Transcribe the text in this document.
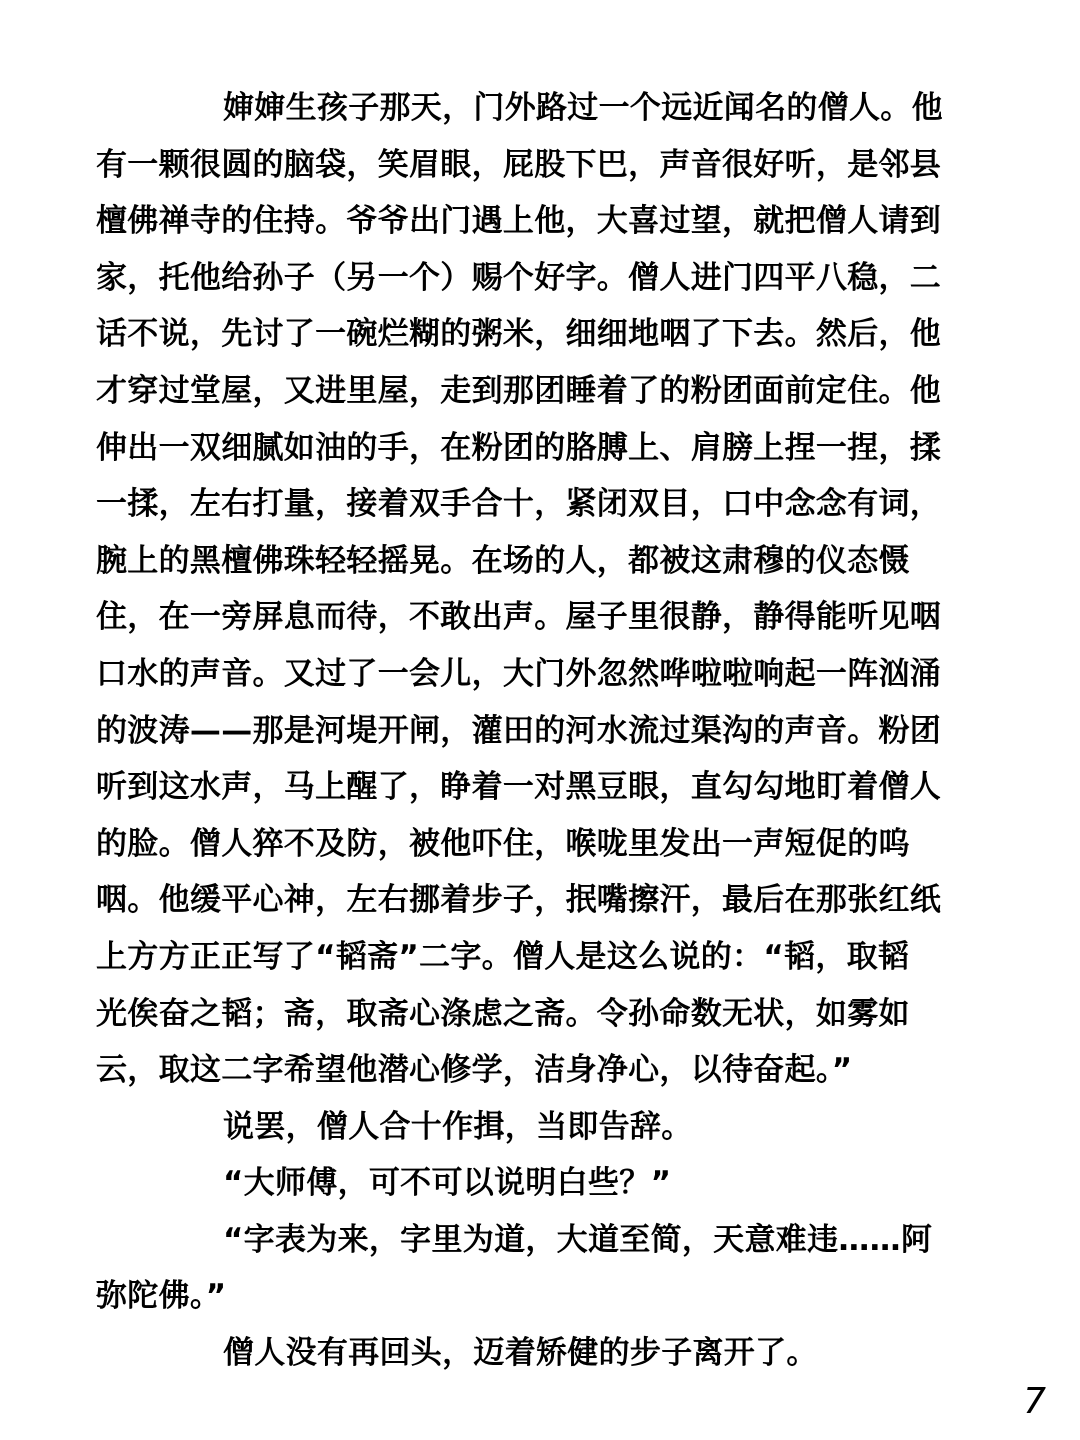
婶婶生孩子那天，门外路过一个远近闻名的僧人。他
有一颗很圆的脑袋，笑眉眼，屁股下巴，声音很好听，是邻县
檀佛禅寺的住持。爷爷出门遇上他，大喜过望，就把僧人请到
家，托他给孙子（另一个）赐个好字。僧人进门四平八稳，二
话不说，先讨了一碗烂糊的粥米，细细地咽了下去。然后，他
才穿过堂屋，又进里屋，走到那团睡着了的粉团面前定住。他
伸出一双细腻如油的手，在粉团的胳膊上、肩膀上捏一捏，揉
一揉，左右打量，接着双手合十，紧闭双目，口中念念有词，
腕上的黑檀佛珠轻轻摇晃。在场的人，都被这肃穆的仪态慑
住，在一旁屏息而待，不敢出声。屋子里很静，静得能听见咽
口水的声音。又过了一会儿，大门外忽然哗啦啦响起一阵汹涌
的波涛——那是河堤开闸，灌田的河水流过渠沟的声音。粉团
听到这水声，马上醒了，睁着一对黑豆眼，直勾勾地盯着僧人
的脸。僧人猝不及防，被他吓住，喉咙里发出一声短促的呜
咽。他缓平心神，左右挪着步子，抿嘴擦汗，最后在那张红纸
上方方正正写了“韬斋”二字。僧人是这么说的：“韬，取韬
光俟奋之韬；斋，取斋心涤虑之斋。令孙命数无状，如雾如
云，取这二字希望他潜心修学，洁身净心，以待奋起。”
说罢，僧人合十作揖，当即告辞。
“大师傅，可不可以说明白些？”
“字表为来，字里为道，大道至简，天意难违……阿
弥陀佛。”
僧人没有再回头，迈着矫健的步子离开了。
7
